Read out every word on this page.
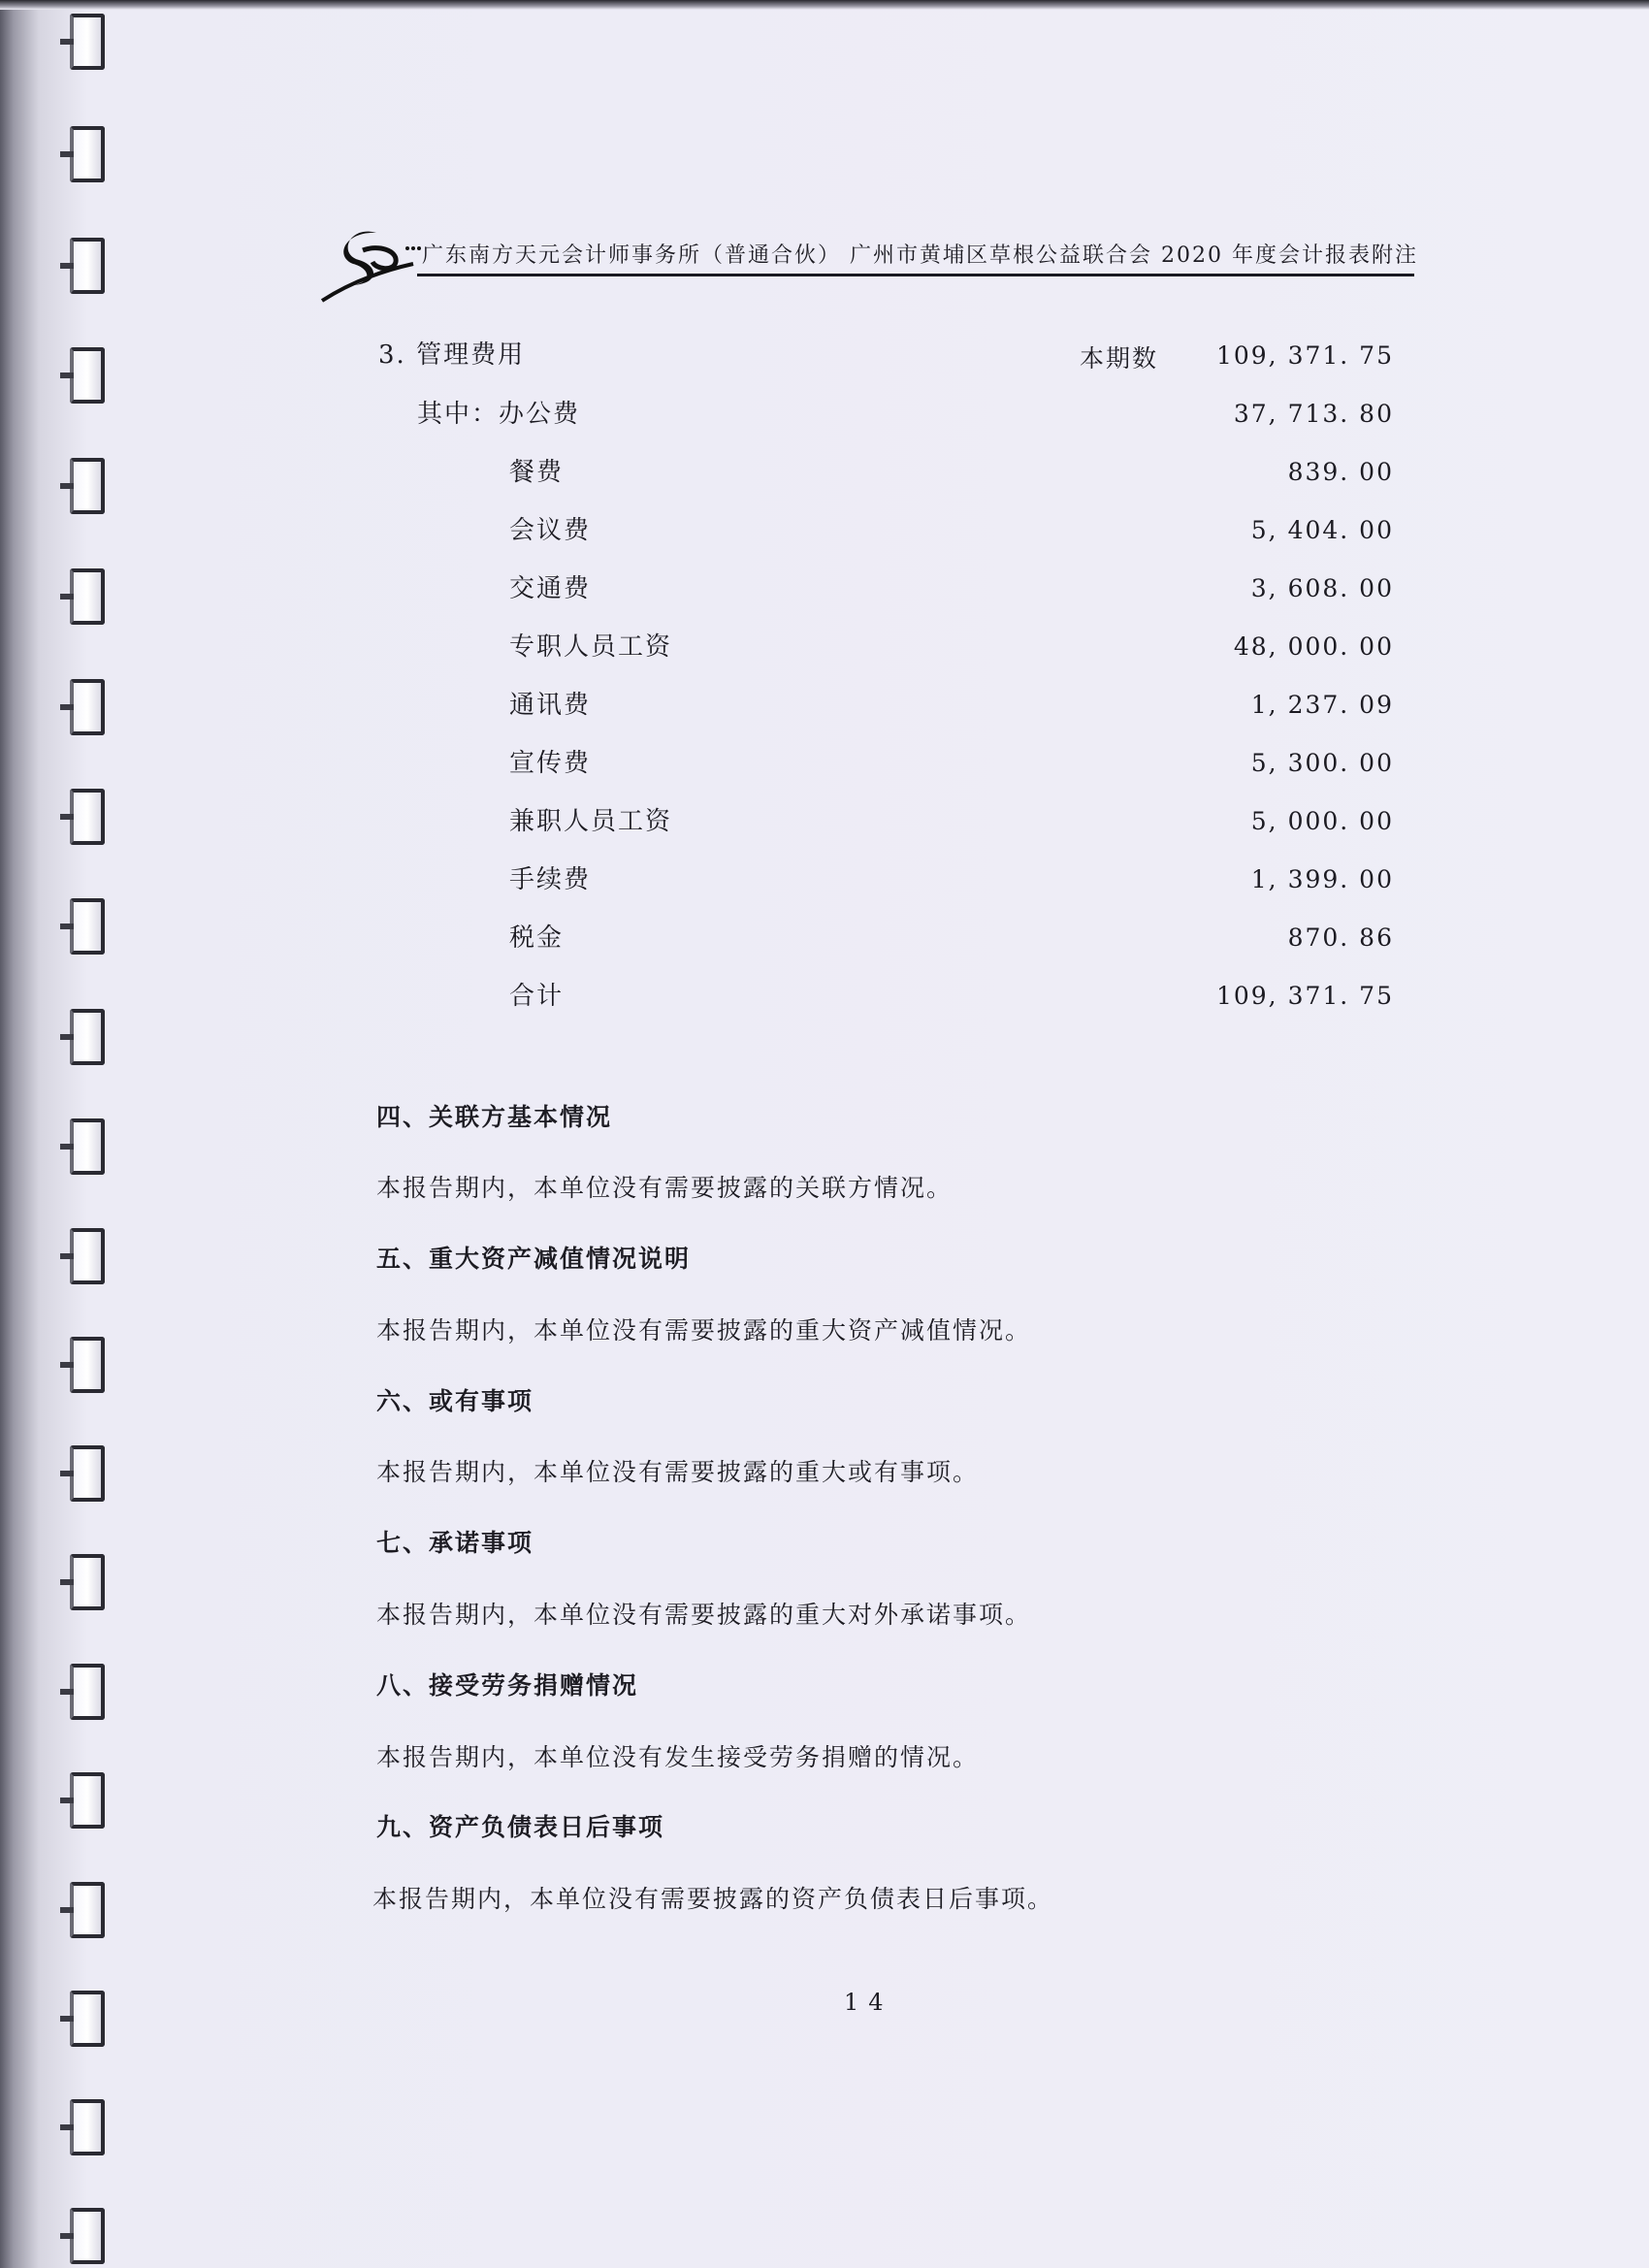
广东南方天元会计师事务所（普通合伙） 广州市黄埔区草根公益联合会 2020 年度会计报表附注
3. 管理费用	本期数 109, 371. 75
其中：办公费	37, 713. 80
餐费	839. 00
会议费	5, 404. 00
交通费	3, 608. 00
专职人员工资	48, 000. 00
通讯费	1, 237. 09
宣传费	5, 300. 00
兼职人员工资	5, 000. 00
手续费	1, 399. 00
税金	870. 86
合计	109, 371. 75
四、关联方基本情况
本报告期内，本单位没有需要披露的关联方情况。
五、重大资产减值情况说明
本报告期内，本单位没有需要披露的重大资产减值情况。
六、或有事项
本报告期内，本单位没有需要披露的重大或有事项。
七、承诺事项
本报告期内，本单位没有需要披露的重大对外承诺事项。
八、接受劳务捐赠情况
本报告期内，本单位没有发生接受劳务捐赠的情况。
九、资产负债表日后事项
本报告期内，本单位没有需要披露的资产负债表日后事项。
14
